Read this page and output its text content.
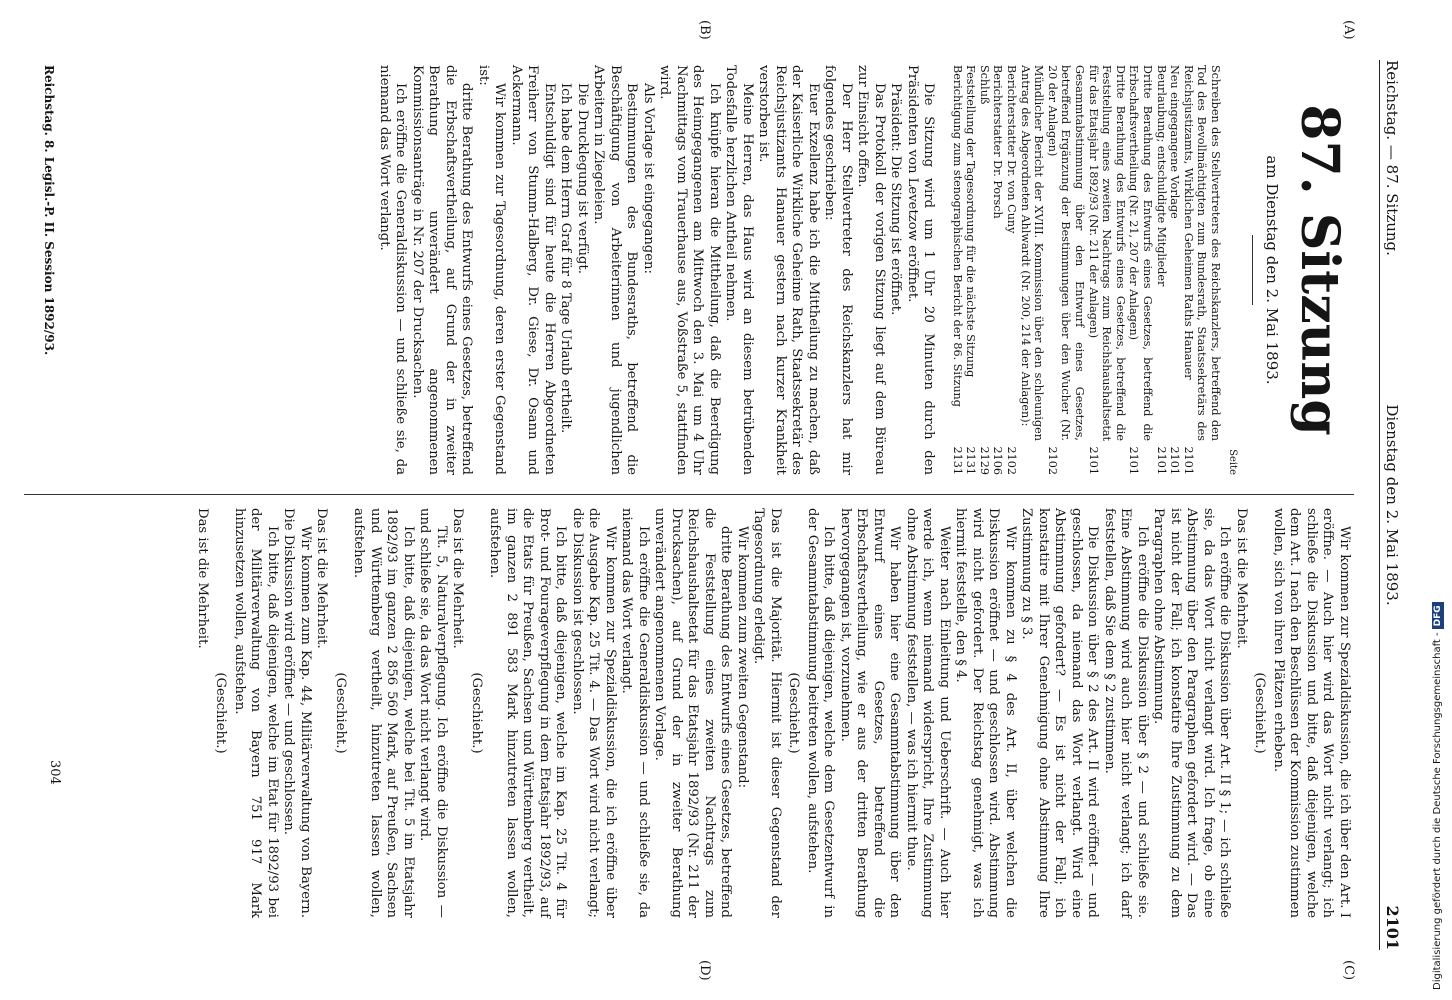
Reichstag. — 87. Sitzung.
Dienstag den 2. Mai 1893.
2101
(A)
(B)
(C)
(D)
87. Sitzung
am Dienstag den 2. Mai 1893.
Seite
Schreiben des Stellvertreters des Reichskanzlers, betreffend den Tod des Bevollmächtigten zum Bundesrath, Staatssekretärs des Reichsjustizamts, Wirklichen Geheimen Raths Hanauer
2101
Neu eingegangene Vorlage
2101
Beurlaubung; entschuldigte Mitglieder
2101
Dritte Berathung des Entwurfs eines Gesetzes, betreffend die Erbschaftsvertheilung (Nr. 21, 207 der Anlagen)
2101
Dritte Berathung des Entwurfs eines Gesetzes, betreffend die Feststellung eines zweiten Nachtrags zum Reichshaushaltsetat für das Etatsjahr 1892/93 (Nr. 211 der Anlagen)
2101
Gesammtabstimmung über den Entwurf eines Gesetzes, betreffend Ergänzung der Bestimmungen über den Wucher (Nr. 20 der Anlagen)
2102
Mündlicher Bericht der XVIII. Kommission über den schleunigen Antrag des Abgeordneten Ahlwardt (Nr. 200, 214 der Anlagen):
Berichterstatter Dr. von Cuny
2102
Berichterstatter Dr. Porsch
2106
Schluß
2129
Feststellung der Tagesordnung für die nächste Sitzung
2131
Berichtigung zum stenographischen Bericht der 86. Sitzung
2131

Die Sitzung wird um 1 Uhr 20 Minuten durch den Präsidenten von Levetzow eröffnet.

Präsident: Die Sitzung ist eröffnet.

Das Protokoll der vorigen Sitzung liegt auf dem Büreau zur Einsicht offen.

Der Herr Stellvertreter des Reichskanzlers hat mir folgendes geschrieben:

Euer Exzellenz habe ich die Mittheilung zu machen, daß der Kaiserliche Wirkliche Geheime Rath, Staatssekretär des Reichsjustizamts Hanauer gestern nach kurzer Krankheit verstorben ist.

Meine Herren, das Haus wird an diesem betrübenden Todesfalle herzlichen Antheil nehmen.

Ich knüpfe hieran die Mittheilung, daß die Beerdigung des Heimgegangenen am Mittwoch den 3. Mai um 4 Uhr Nachmittags vom Trauerhause aus, Voßstraße 5, stattfinden wird.

Als Vorlage ist eingegangen:

Bestimmungen des Bundesraths, betreffend die Beschäftigung von Arbeiterinnen und jugendlichen Arbeitern in Ziegeleien.

Die Drucklegung ist verfügt.

Ich habe dem Herrn Graf für 8 Tage Urlaub ertheilt.

Entschuldigt sind für heute die Herren Abgeordneten Freiherr von Stumm-Halberg, Dr. Giese, Dr. Osann und Ackermann.

Wir kommen zur Tagesordnung, deren erster Gegenstand ist:

dritte Berathung des Entwurfs eines Gesetzes, betreffend die Erbschaftsvertheilung, auf Grund der in zweiter Berathung unverändert angenommenen Kommissionsanträge in Nr. 207 der Drucksachen.

Ich eröffne die Generaldiskussion — und schließe sie, da niemand das Wort verlangt.

Wir kommen zur Spezialdiskussion, die ich über den Art. I eröffne. — Auch hier wird das Wort nicht verlangt; ich schließe die Diskussion und bitte, daß diejenigen, welche dem Art. I nach den Beschlüssen der Kommission zustimmen wollen, sich von ihren Plätzen erheben.

(Geschieht.)

Das ist die Mehrheit.

Ich eröffne die Diskussion über Art. II § 1; — ich schließe sie, da das Wort nicht verlangt wird. Ich frage, ob eine Abstimmung über den Paragraphen gefordert wird. — Das ist nicht der Fall; ich konstatire Ihre Zustimmung zu dem Paragraphen ohne Abstimmung.

Ich eröffne die Diskussion über § 2 — und schließe sie. Eine Abstimmung wird auch hier nicht verlangt; ich darf feststellen, daß Sie dem § 2 zustimmen.

Die Diskussion über § 2 des Art. II wird eröffnet — und geschlossen, da niemand das Wort verlangt. Wird eine Abstimmung gefordert? — Es ist nicht der Fall; ich konstatire mit Ihrer Genehmigung ohne Abstimmung Ihre Zustimmung zu § 3.

Wir kommen zu § 4 des Art. II, über welchen die Diskussion eröffnet — und geschlossen wird. Abstimmung wird nicht gefordert. Der Reichstag genehmigt, was ich hiermit feststelle, den § 4.

Weiter nach Einleitung und Ueberschrift. — Auch hier werde ich, wenn niemand widerspricht, Ihre Zustimmung ohne Abstimmung feststellen, — was ich hiermit thue.

Wir haben hier eine Gesammtabstimmung über den Entwurf eines Gesetzes, betreffend die Erbschaftsvertheilung, wie er aus der dritten Berathung hervorgegangen ist, vorzunehmen.

Ich bitte, daß diejenigen, welche dem Gesetzentwurf in der Gesammtabstimmung beitreten wollen, aufstehen.

(Geschieht.)

Das ist die Majorität. Hiermit ist dieser Gegenstand der Tagesordnung erledigt.

Wir kommen zum zweiten Gegenstand:

dritte Berathung des Entwurfs eines Gesetzes, betreffend die Feststellung eines zweiten Nachtrags zum Reichshaushaltsetat für das Etatsjahr 1892/93 (Nr. 211 der Drucksachen), auf Grund der in zweiter Berathung unverändert angenommenen Vorlage.

Ich eröffne die Generaldiskussion — und schließe sie, da niemand das Wort verlangt.

Wir kommen zur Spezialdiskussion, die ich eröffne über die Ausgabe Kap. 25 Tit. 4. — Das Wort wird nicht verlangt; die Diskussion ist geschlossen.

Ich bitte, daß diejenigen, welche im Kap. 25 Tit. 4 für Brot- und Fourageverpflegung in dem Etatsjahr 1892/93, auf die Etats für Preußen, Sachsen und Württemberg vertheilt, im ganzen 2 891 583 Mark hinzutreten lassen wollen, aufstehen.

(Geschieht.)

Das ist die Mehrheit.

Tit. 5, Naturalverpflegung. Ich eröffne die Diskussion — und schließe sie, da das Wort nicht verlangt wird.

Ich bitte, daß diejenigen, welche bei Tit. 5 im Etatsjahr 1892/93 im ganzen 2 856 560 Mark, auf Preußen, Sachsen und Württemberg vertheilt, hinzutreten lassen wollen, aufstehen.

(Geschieht.)

Das ist die Mehrheit.

Wir kommen zum Kap. 44, Militärverwaltung von Bayern. Die Diskussion wird eröffnet — und geschlossen.

Ich bitte, daß diejenigen, welche im Etat für 1892/93 bei der Militärverwaltung von Bayern 751 917 Mark hinzusetzen wollen, aufstehen.

(Geschieht.)

Das ist die Mehrheit.

Reichstag. 8. Legisl.-P. II. Session 1892/93.
304	Digitalisierung gefördert durch die Deutsche Forschungsgemeinschaft -DFG
